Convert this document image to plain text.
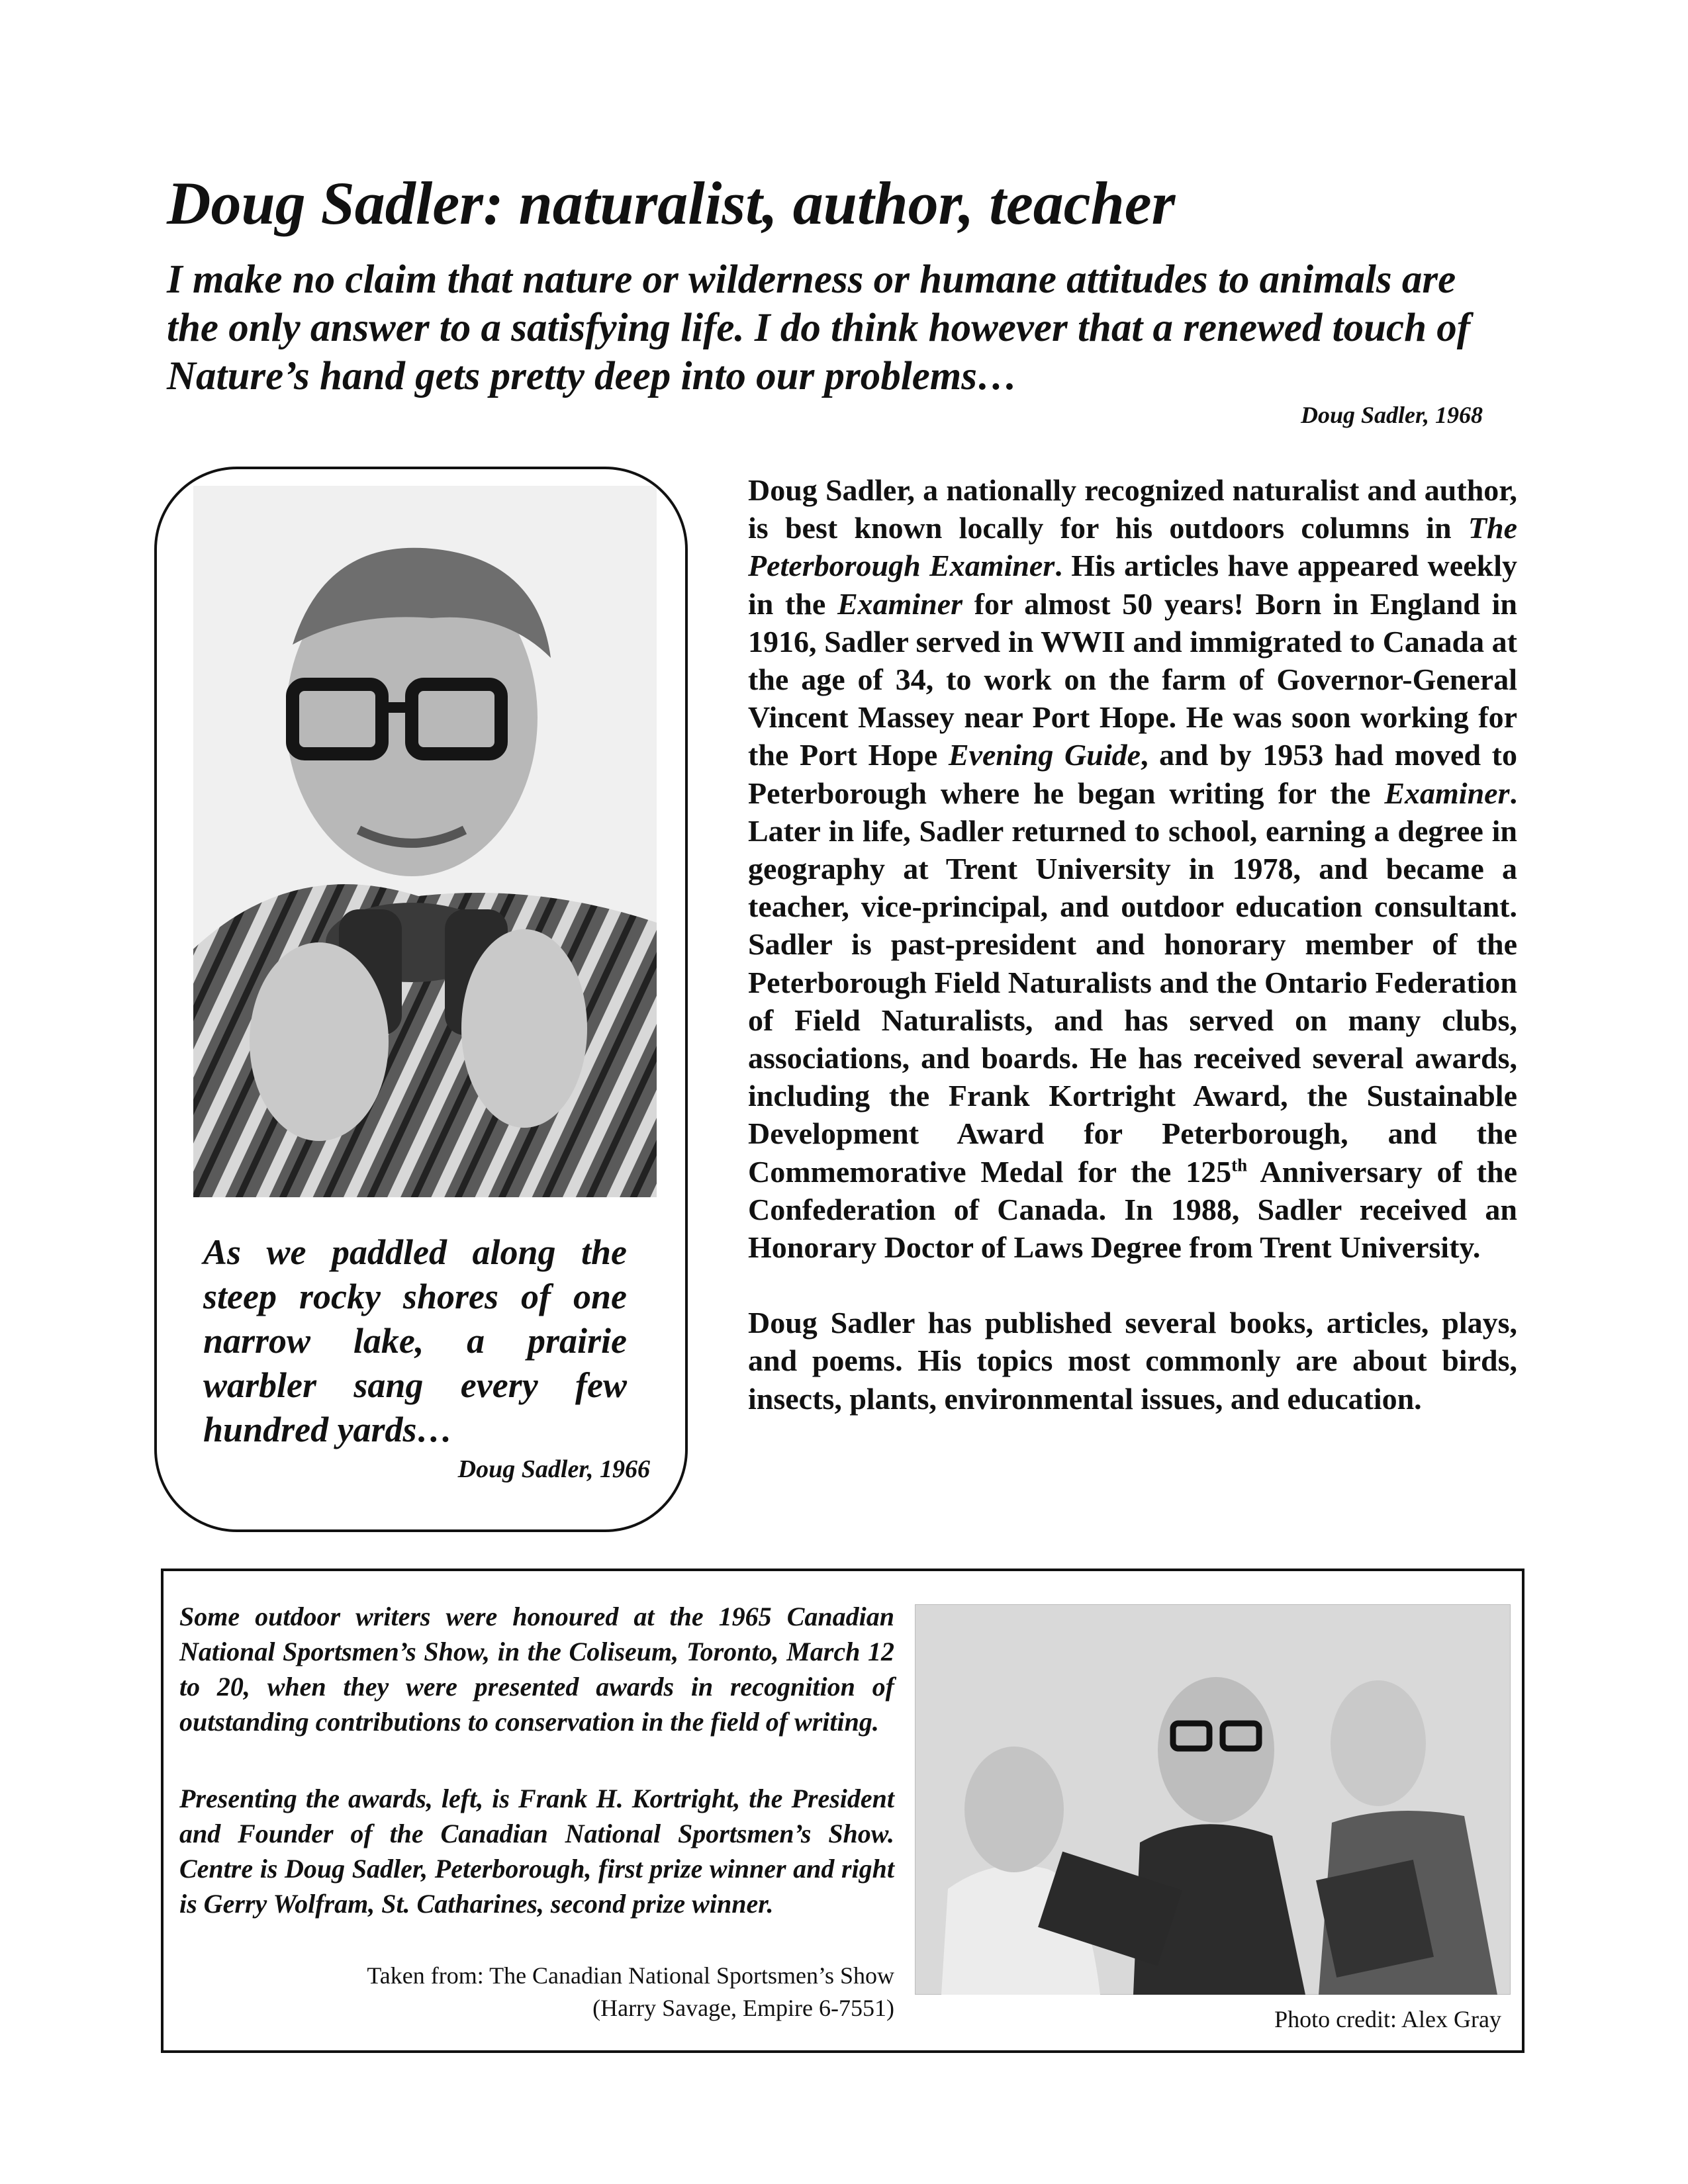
Doug Sadler: naturalist, author, teacher

I make no claim that nature or wilderness or humane attitudes to animals are the only answer to a satisfying life. I do think however that a renewed touch of Nature’s hand gets pretty deep into our problems…

Doug Sadler, 1968

As we paddled along the steep rocky shores of one narrow lake, a prairie warbler sang every few hundred yards…

Doug Sadler, 1966

Doug Sadler, a nationally recognized naturalist and author, is best known locally for his outdoors columns in The Peterborough Examiner. His articles have appeared weekly in the Examiner for almost 50 years! Born in England in 1916, Sadler served in WWII and immigrated to Canada at the age of 34, to work on the farm of Governor-General Vincent Massey near Port Hope. He was soon working for the Port Hope Evening Guide, and by 1953 had moved to Peterborough where he began writing for the Examiner. Later in life, Sadler returned to school, earning a degree in geography at Trent University in 1978, and became a teacher, vice-principal, and outdoor education consultant. Sadler is past-president and honorary member of the Peterborough Field Naturalists and the Ontario Federation of Field Naturalists, and has served on many clubs, associations, and boards. He has received several awards, including the Frank Kortright Award, the Sustainable Development Award for Peterborough, and the Commemorative Medal for the 125th Anniversary of the Confederation of Canada. In 1988, Sadler received an Honorary Doctor of Laws Degree from Trent University.

Doug Sadler has published several books, articles, plays, and poems. His topics most commonly are about birds, insects, plants, environmental issues, and education.

Some outdoor writers were honoured at the 1965 Canadian National Sportsmen’s Show, in the Coliseum, Toronto, March 12 to 20, when they were presented awards in recognition of outstanding contributions to conservation in the field of writing.

Presenting the awards, left, is Frank H. Kortright, the President and Founder of the Canadian National Sportsmen’s Show. Centre is Doug Sadler, Peterborough, first prize winner and right is Gerry Wolfram, St. Catharines, second prize winner.

Taken from: The Canadian National Sportsmen’s Show
(Harry Savage, Empire 6-7551)	Photo credit: Alex Gray
